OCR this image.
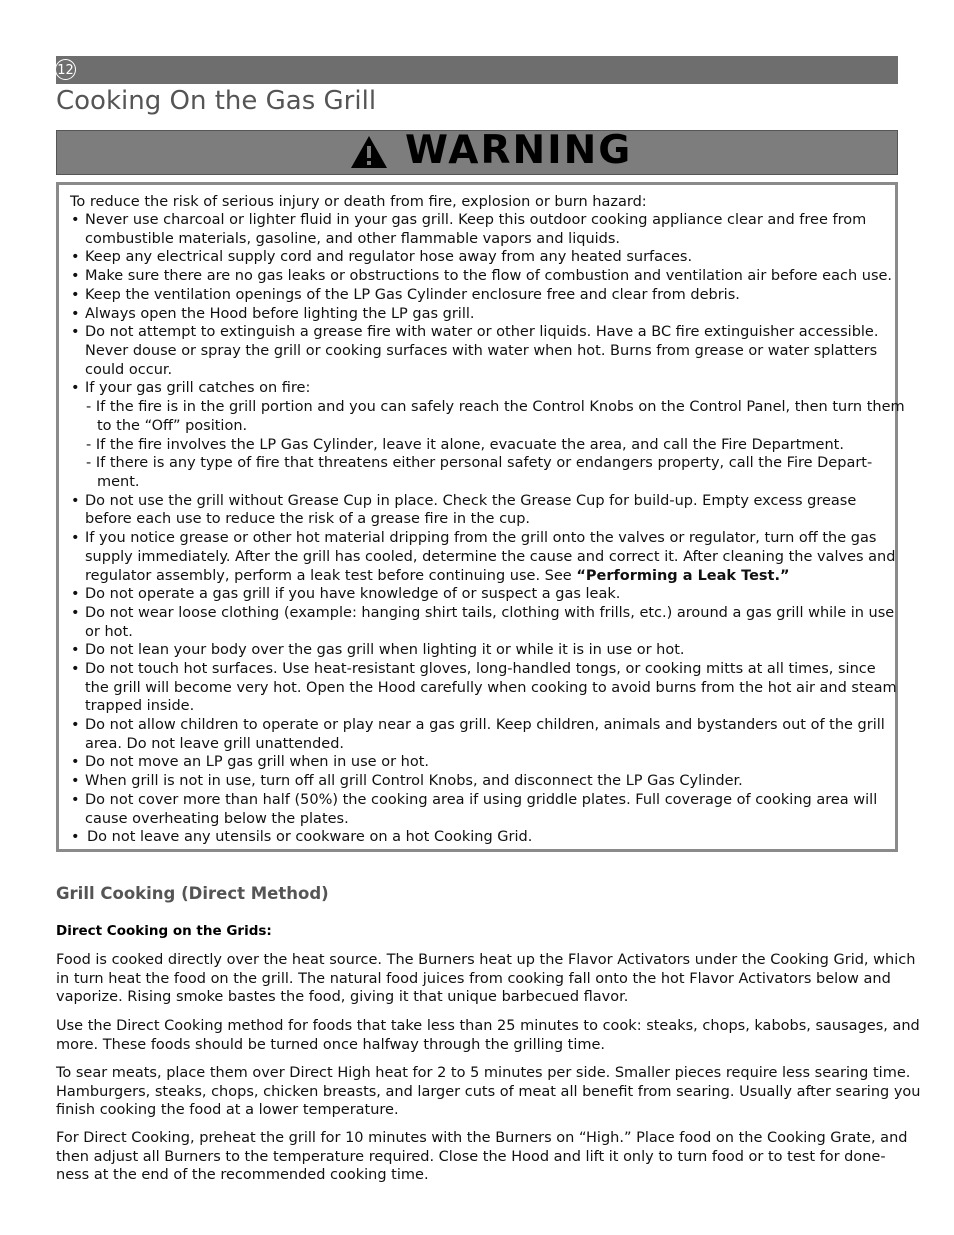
12
Cooking On the Gas Grill
WARNING
To reduce the risk of serious injury or death from fire, explosion or burn hazard:
• Never use charcoal or lighter fluid in your gas grill. Keep this outdoor cooking appliance clear and free from
combustible materials, gasoline, and other flammable vapors and liquids.
• Keep any electrical supply cord and regulator hose away from any heated surfaces.
• Make sure there are no gas leaks or obstructions to the flow of combustion and ventilation air before each use.
• Keep the ventilation openings of the LP Gas Cylinder enclosure free and clear from debris.
• Always open the Hood before lighting the LP gas grill.
• Do not attempt to extinguish a grease fire with water or other liquids. Have a BC fire extinguisher accessible.
Never douse or spray the grill or cooking surfaces with water when hot. Burns from grease or water splatters
could occur.
• If your gas grill catches on fire:
- If the fire is in the grill portion and you can safely reach the Control Knobs on the Control Panel, then turn them
to the “Off” position.
- If the fire involves the LP Gas Cylinder, leave it alone, evacuate the area, and call the Fire Department.
- If there is any type of fire that threatens either personal safety or endangers property, call the Fire Depart-
ment.
• Do not use the grill without Grease Cup in place. Check the Grease Cup for build-up. Empty excess grease
before each use to reduce the risk of a grease fire in the cup.
• If you notice grease or other hot material dripping from the grill onto the valves or regulator, turn off the gas
supply immediately. After the grill has cooled, determine the cause and correct it. After cleaning the valves and
regulator assembly, perform a leak test before continuing use. See “Performing a Leak Test.”
• Do not operate a gas grill if you have knowledge of or suspect a gas leak.
• Do not wear loose clothing (example: hanging shirt tails, clothing with frills, etc.) around a gas grill while in use
or hot.
• Do not lean your body over the gas grill when lighting it or while it is in use or hot.
• Do not touch hot surfaces. Use heat-resistant gloves, long-handled tongs, or cooking mitts at all times, since
the grill will become very hot. Open the Hood carefully when cooking to avoid burns from the hot air and steam
trapped inside.
• Do not allow children to operate or play near a gas grill. Keep children, animals and bystanders out of the grill
area. Do not leave grill unattended.
• Do not move an LP gas grill when in use or hot.
• When grill is not in use, turn off all grill Control Knobs, and disconnect the LP Gas Cylinder.
• Do not cover more than half (50%) the cooking area if using griddle plates. Full coverage of cooking area will
cause overheating below the plates.
• Do not leave any utensils or cookware on a hot Cooking Grid.
Grill Cooking (Direct Method)
Direct Cooking on the Grids:
Food is cooked directly over the heat source. The Burners heat up the Flavor Activators under the Cooking Grid, which
in turn heat the food on the grill. The natural food juices from cooking fall onto the hot Flavor Activators below and
vaporize. Rising smoke bastes the food, giving it that unique barbecued flavor.
Use the Direct Cooking method for foods that take less than 25 minutes to cook: steaks, chops, kabobs, sausages, and
more. These foods should be turned once halfway through the grilling time.
To sear meats, place them over Direct High heat for 2 to 5 minutes per side. Smaller pieces require less searing time.
Hamburgers, steaks, chops, chicken breasts, and larger cuts of meat all benefit from searing. Usually after searing you
finish cooking the food at a lower temperature.
For Direct Cooking, preheat the grill for 10 minutes with the Burners on “High.” Place food on the Cooking Grate, and
then adjust all Burners to the temperature required. Close the Hood and lift it only to turn food or to test for done-
ness at the end of the recommended cooking time.
